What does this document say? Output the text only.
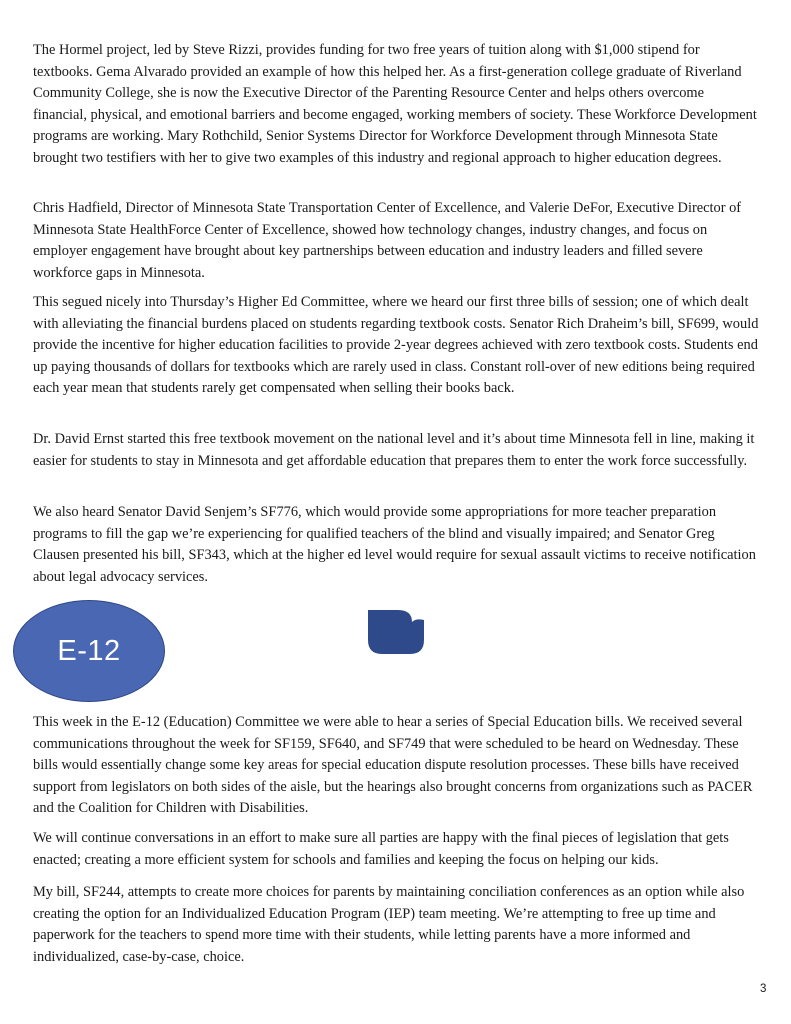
The Hormel project, led by Steve Rizzi, provides funding for two free years of tuition along with $1,000 stipend for textbooks. Gema Alvarado provided an example of how this helped her. As a first-generation college graduate of Riverland Community College, she is now the Executive Director of the Parenting Resource Center and helps others overcome financial, physical, and emotional barriers and become engaged, working members of society. These Workforce Development programs are working. Mary Rothchild, Senior Systems Director for Workforce Development through Minnesota State brought two testifiers with her to give two examples of this industry and regional approach to higher education degrees.

Chris Hadfield, Director of Minnesota State Transportation Center of Excellence, and Valerie DeFor, Executive Director of Minnesota State HealthForce Center of Excellence, showed how technology changes, industry changes, and focus on employer engagement have brought about key partnerships between education and industry leaders and filled severe workforce gaps in Minnesota.

This segued nicely into Thursday’s Higher Ed Committee, where we heard our first three bills of session; one of which dealt with alleviating the financial burdens placed on students regarding textbook costs. Senator Rich Draheim’s bill, SF699, would provide the incentive for higher education facilities to provide 2-year degrees achieved with zero textbook costs. Students end up paying thousands of dollars for textbooks which are rarely used in class. Constant roll-over of new editions being required each year mean that students rarely get compensated when selling their books back.

Dr. David Ernst started this free textbook movement on the national level and it’s about time Minnesota fell in line, making it easier for students to stay in Minnesota and get affordable education that prepares them to enter the work force successfully.

We also heard Senator David Senjem’s SF776, which would provide some appropriations for more teacher preparation programs to fill the gap we’re experiencing for qualified teachers of the blind and visually impaired; and Senator Greg Clausen presented his bill, SF343, which at the higher ed level would require for sexual assault victims to receive notification about legal advocacy services.

E-12

This week in the E-12 (Education) Committee we were able to hear a series of Special Education bills. We received several communications throughout the week for SF159, SF640, and SF749 that were scheduled to be heard on Wednesday. These bills would essentially change some key areas for special education dispute resolution processes. These bills have received support from legislators on both sides of the aisle, but the hearings also brought concerns from organizations such as PACER and the Coalition for Children with Disabilities.

We will continue conversations in an effort to make sure all parties are happy with the final pieces of legislation that gets enacted; creating a more efficient system for schools and families and keeping the focus on helping our kids.

My bill, SF244, attempts to create more choices for parents by maintaining conciliation conferences as an option while also creating the option for an Individualized Education Program (IEP) team meeting. We’re attempting to free up time and paperwork for the teachers to spend more time with their students, while letting parents have a more informed and individualized, case-by-case, choice.

3
